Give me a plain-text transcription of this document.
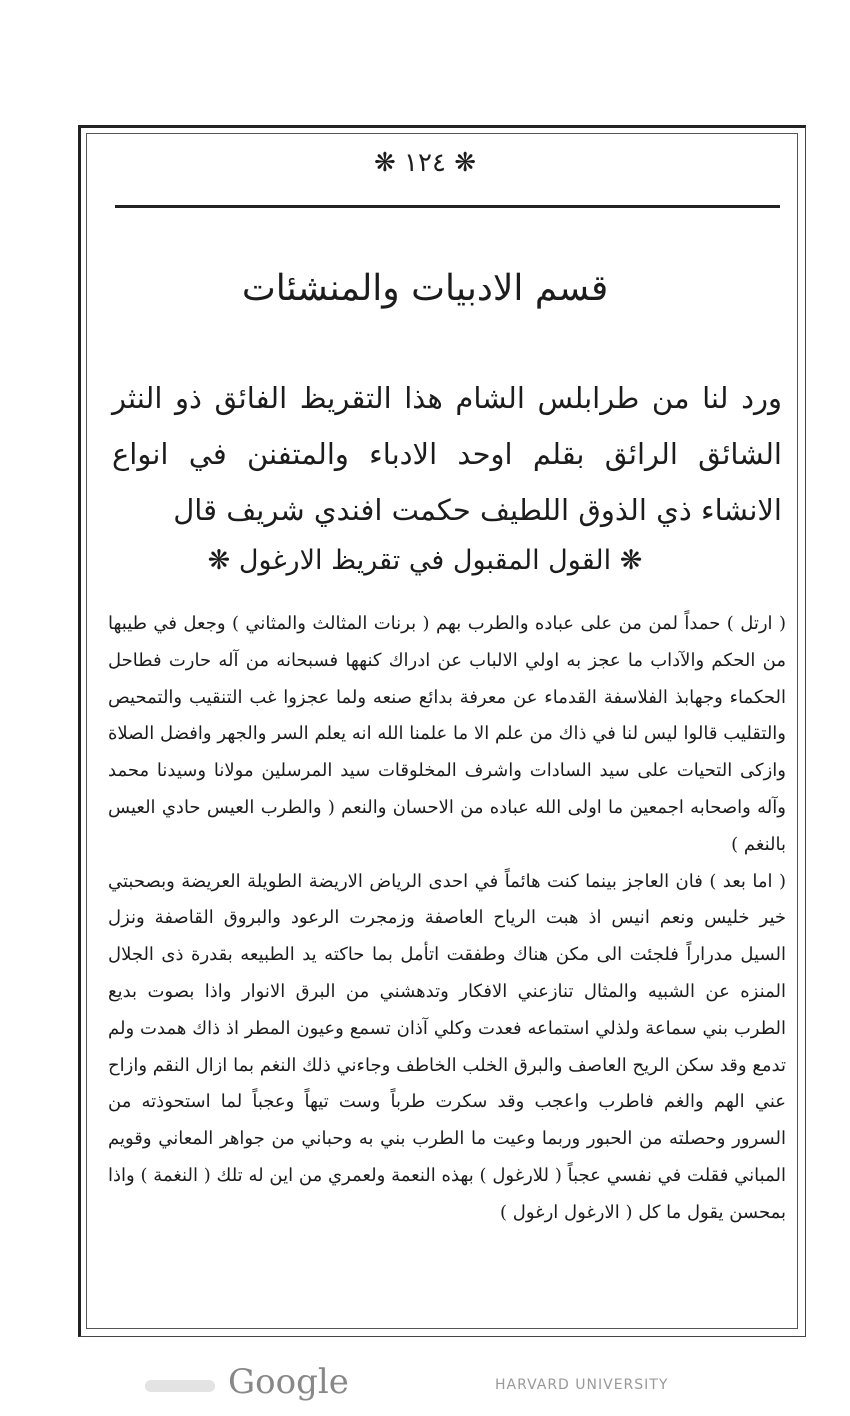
❋ ١٢٤ ❋
قسم الادبيات والمنشئات
ورد لنا من طرابلس الشام هذا التقريظ الفائق ذو النثر الشائق الرائق بقلم اوحد الادباء والمتفنن في انواع الانشاء ذي الذوق اللطيف حكمت افندي شريف قال
❋ القول المقبول في تقريظ الارغول ❋

( ارتل ) حمداً لمن من على عباده والطرب بهم ( برنات المثالث والمثاني ) وجعل في طيبها من الحكم والآداب ما عجز به اولي الالباب عن ادراك كنهها فسبحانه من آله حارت فطاحل الحكماء وجهابذ الفلاسفة القدماء عن معرفة بدائع صنعه ولما عجزوا غب التنقيب والتمحيص والتقليب قالوا ليس لنا في ذاك من علم الا ما علمنا الله انه يعلم السر والجهر وافضل الصلاة وازكى التحيات على سيد السادات واشرف المخلوقات سيد المرسلين مولانا وسيدنا محمد وآله واصحابه اجمعين ما اولى الله عباده من الاحسان والنعم ( والطرب العيس حادي العيس بالنغم )

( اما بعد ) فان العاجز بينما كنت هائماً في احدى الرياض الاريضة الطويلة العريضة وبصحبتي خير خليس ونعم انيس اذ هبت الرياح العاصفة وزمجرت الرعود والبروق القاصفة ونزل السيل مدراراً فلجئت الى مكن هناك وطفقت اتأمل بما حاكته يد الطبيعه بقدرة ذى الجلال المنزه عن الشبيه والمثال تنازعني الافكار وتدهشني من البرق الانوار واذا بصوت بديع الطرب بني سماعة ولذلي استماعه فعدت وكلي آذان تسمع وعيون المطر اذ ذاك همدت ولم تدمع وقد سكن الريح العاصف والبرق الخلب الخاطف وجاءني ذلك النغم بما ازال النقم وازاح عني الهم والغم فاطرب واعجب وقد سكرت طرباً وست تيهاً وعجباً لما استحوذته من السرور وحصلته من الحبور وربما وعيت ما الطرب بني به وحباني من جواهر المعاني وقويم المباني فقلت في نفسي عجباً ( للارغول ) بهذه النعمة ولعمري من اين له تلك ( النغمة ) واذا بمحسن يقول ما كل ( الارغول ارغول )

Google	HARVARD UNIVERSITY
